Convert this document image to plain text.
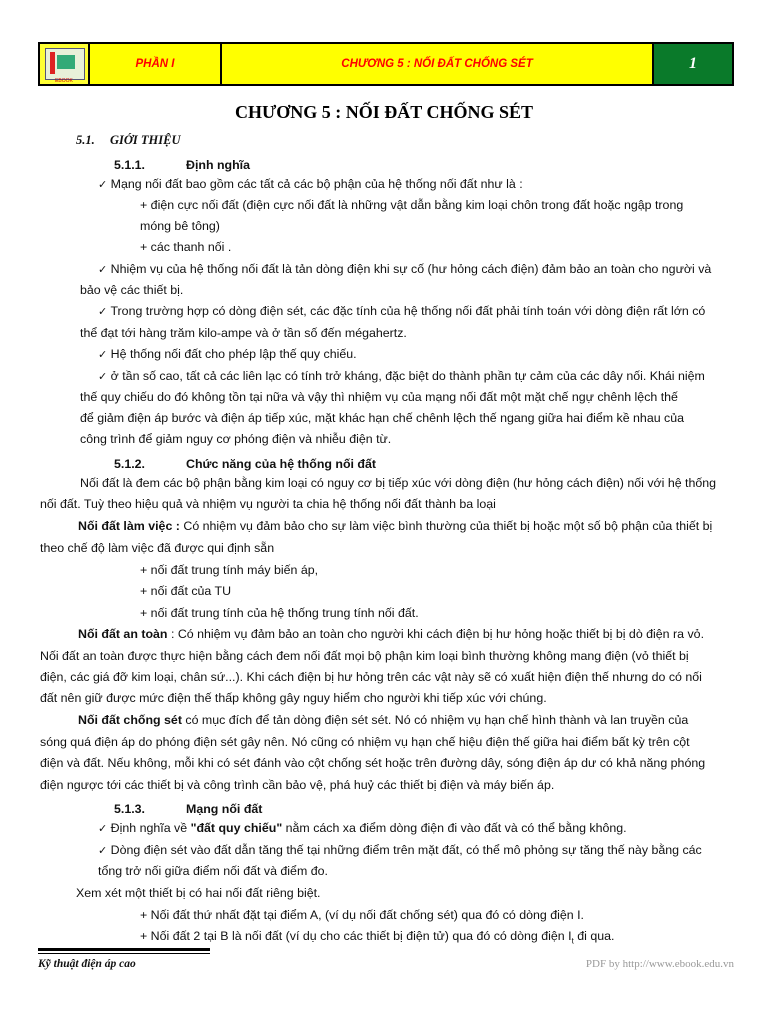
EBOOK
PHẦN I	CHƯƠNG 5 : NỐI ĐẤT CHỐNG SÉT	1
CHƯƠNG 5 : NỐI ĐẤT CHỐNG SÉT
5.1. GIỚI THIỆU
5.1.1.	Định nghĩa
✓ Mạng nối đất bao gồm các tất cả các bộ phận của hệ thống nối đất như là :
+ điện cực nối đất (điện cực nối đất là những vật dẫn bằng kim loại chôn trong đất hoặc ngập trong
móng bê tông)
+ các thanh nối .
✓ Nhiệm vụ của hệ thống nối đất là tản dòng điện khi sự cố (hư hỏng cách điện) đảm bảo an toàn cho người và
bảo vệ các thiết bị.
✓ Trong trường hợp có dòng điện sét, các đặc tính của hệ thống nối đất phải tính toán với dòng điện rất lớn có
thể đạt tới hàng trăm kilo-ampe và ở tần số đến mégahertz.
✓ Hệ thống nối đất cho phép lập thế quy chiếu.
✓ ở tần số cao, tất cả các liên lạc có tính trở kháng, đặc biệt do thành phần tự cảm của các dây nối. Khái niệm
thế quy chiếu do đó không tồn tại nữa và vậy thì nhiệm vụ của mạng nối đất một mặt chế ngự chênh lệch thế
để giảm điện áp bước và điện áp tiếp xúc, mặt khác hạn chế chênh lệch thế ngang giữa hai điểm kề nhau của
công trình để giảm nguy cơ phóng điện và nhiễu điện từ.
5.1.2.	Chức năng của hệ thống nối đất
Nối đất là đem các bộ phận bằng kim loại có nguy cơ bị tiếp xúc với dòng điện (hư hỏng cách điện) nối với hệ thống
nối đất. Tuỳ theo hiệu quả và nhiệm vụ người ta chia hệ thống nối đất thành ba loại
Nối đất làm việc : Có nhiệm vụ đảm bảo cho sự làm việc bình thường của thiết bị hoặc một số bộ phận của thiết bị
theo chế độ làm việc đã được qui định sẵn
+ nối đất trung tính máy biến áp,
+ nối đất của TU
+ nối đất trung tính của hệ thống trung tính nối đất.
Nối đất an toàn : Có nhiệm vụ đảm bảo an toàn cho người khi cách điện bị hư hỏng hoặc thiết bị bị dò điện ra vỏ.
Nối đất an toàn được thực hiện bằng cách đem nối đất mọi bộ phận kim loại bình thường không mang điện (vỏ thiết bị
điện, các giá đỡ kim loại, chân sứ...). Khi cách điện bị hư hỏng trên các vật này sẽ có xuất hiện điện thế nhưng do có nối
đất nên giữ được mức điện thế thấp không gây nguy hiểm cho người khi tiếp xúc với chúng.
Nối đất chống sét có mục đích để tản dòng điện sét sét. Nó có nhiệm vụ hạn chế hình thành và lan truyền của
sóng quá điện áp do phóng điện sét gây nên. Nó cũng có nhiệm vụ hạn chế hiệu điện thế giữa hai điểm bất kỳ trên cột
điện và đất. Nếu không, mỗi khi có sét đánh vào cột chống sét hoặc trên đường dây, sóng điện áp dư có khả năng phóng
điện ngược tới các thiết bị và công trình cần bảo vệ, phá huỷ các thiết bị điện và máy biến áp.
5.1.3.	Mạng nối đất
✓ Định nghĩa về "đất quy chiếu" nằm cách xa điểm dòng điện đi vào đất và có thể bằng không.
✓ Dòng điện sét vào đất dẫn tăng thế tại những điểm trên mặt đất, có thể mô phỏng sự tăng thế này bằng các
tổng trở nối giữa điểm nối đất và điểm đo.
Xem xét một thiết bị có hai nối đất riêng biệt.
+ Nối đất thứ nhất đặt tại điểm A, (ví dụ nối đất chống sét) qua đó có dòng điện I.
+ Nối đất 2 tại B là nối đất (ví dụ cho các thiết bị điện tử) qua đó có dòng điện $I_t$ đi qua.
Kỹ thuật điện áp cao	PDF by http://www.ebook.edu.vn
